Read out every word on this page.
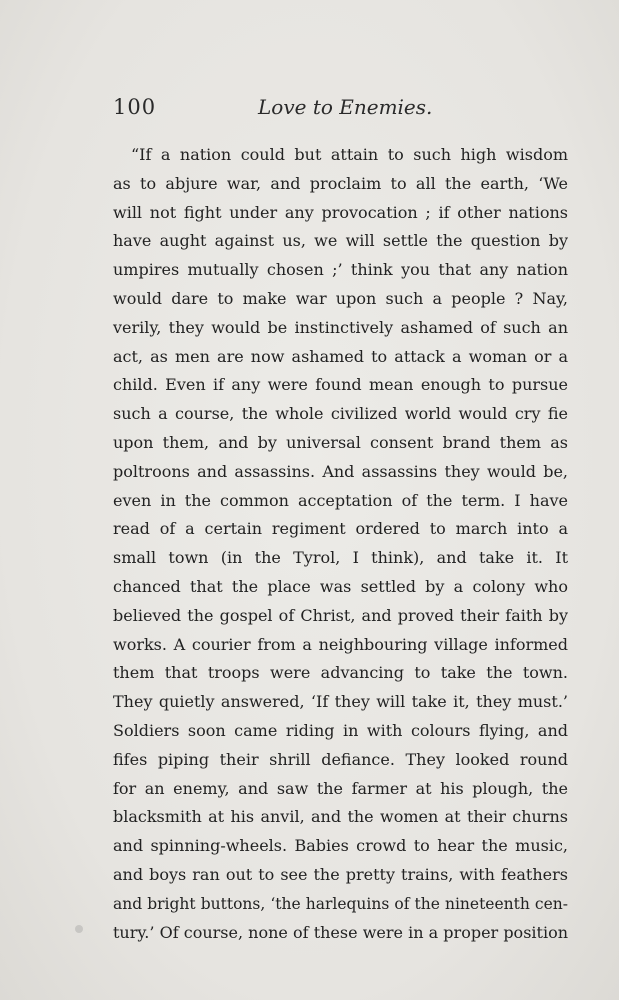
100	Love to Enemies.
“If a nation could but attain to such high wisdom
as to abjure war, and proclaim to all the earth, ‘We
will not fight under any provocation ; if other nations
have aught against us, we will settle the question by
umpires mutually chosen ;’ think you that any nation
would dare to make war upon such a people ? Nay,
verily, they would be instinctively ashamed of such an
act, as men are now ashamed to attack a woman or a
child. Even if any were found mean enough to pursue
such a course, the whole civilized world would cry fie
upon them, and by universal consent brand them as
poltroons and assassins. And assassins they would be,
even in the common acceptation of the term. I have
read of a certain regiment ordered to march into a
small town (in the Tyrol, I think), and take it. It
chanced that the place was settled by a colony who
believed the gospel of Christ, and proved their faith by
works. A courier from a neighbouring village informed
them that troops were advancing to take the town.
They quietly answered, ‘If they will take it, they must.’
Soldiers soon came riding in with colours flying, and
fifes piping their shrill defiance. They looked round
for an enemy, and saw the farmer at his plough, the
blacksmith at his anvil, and the women at their churns
and spinning-wheels. Babies crowd to hear the music,
and boys ran out to see the pretty trains, with feathers
and bright buttons, ‘the harlequins of the nineteenth cen-
tury.’ Of course, none of these were in a proper position
